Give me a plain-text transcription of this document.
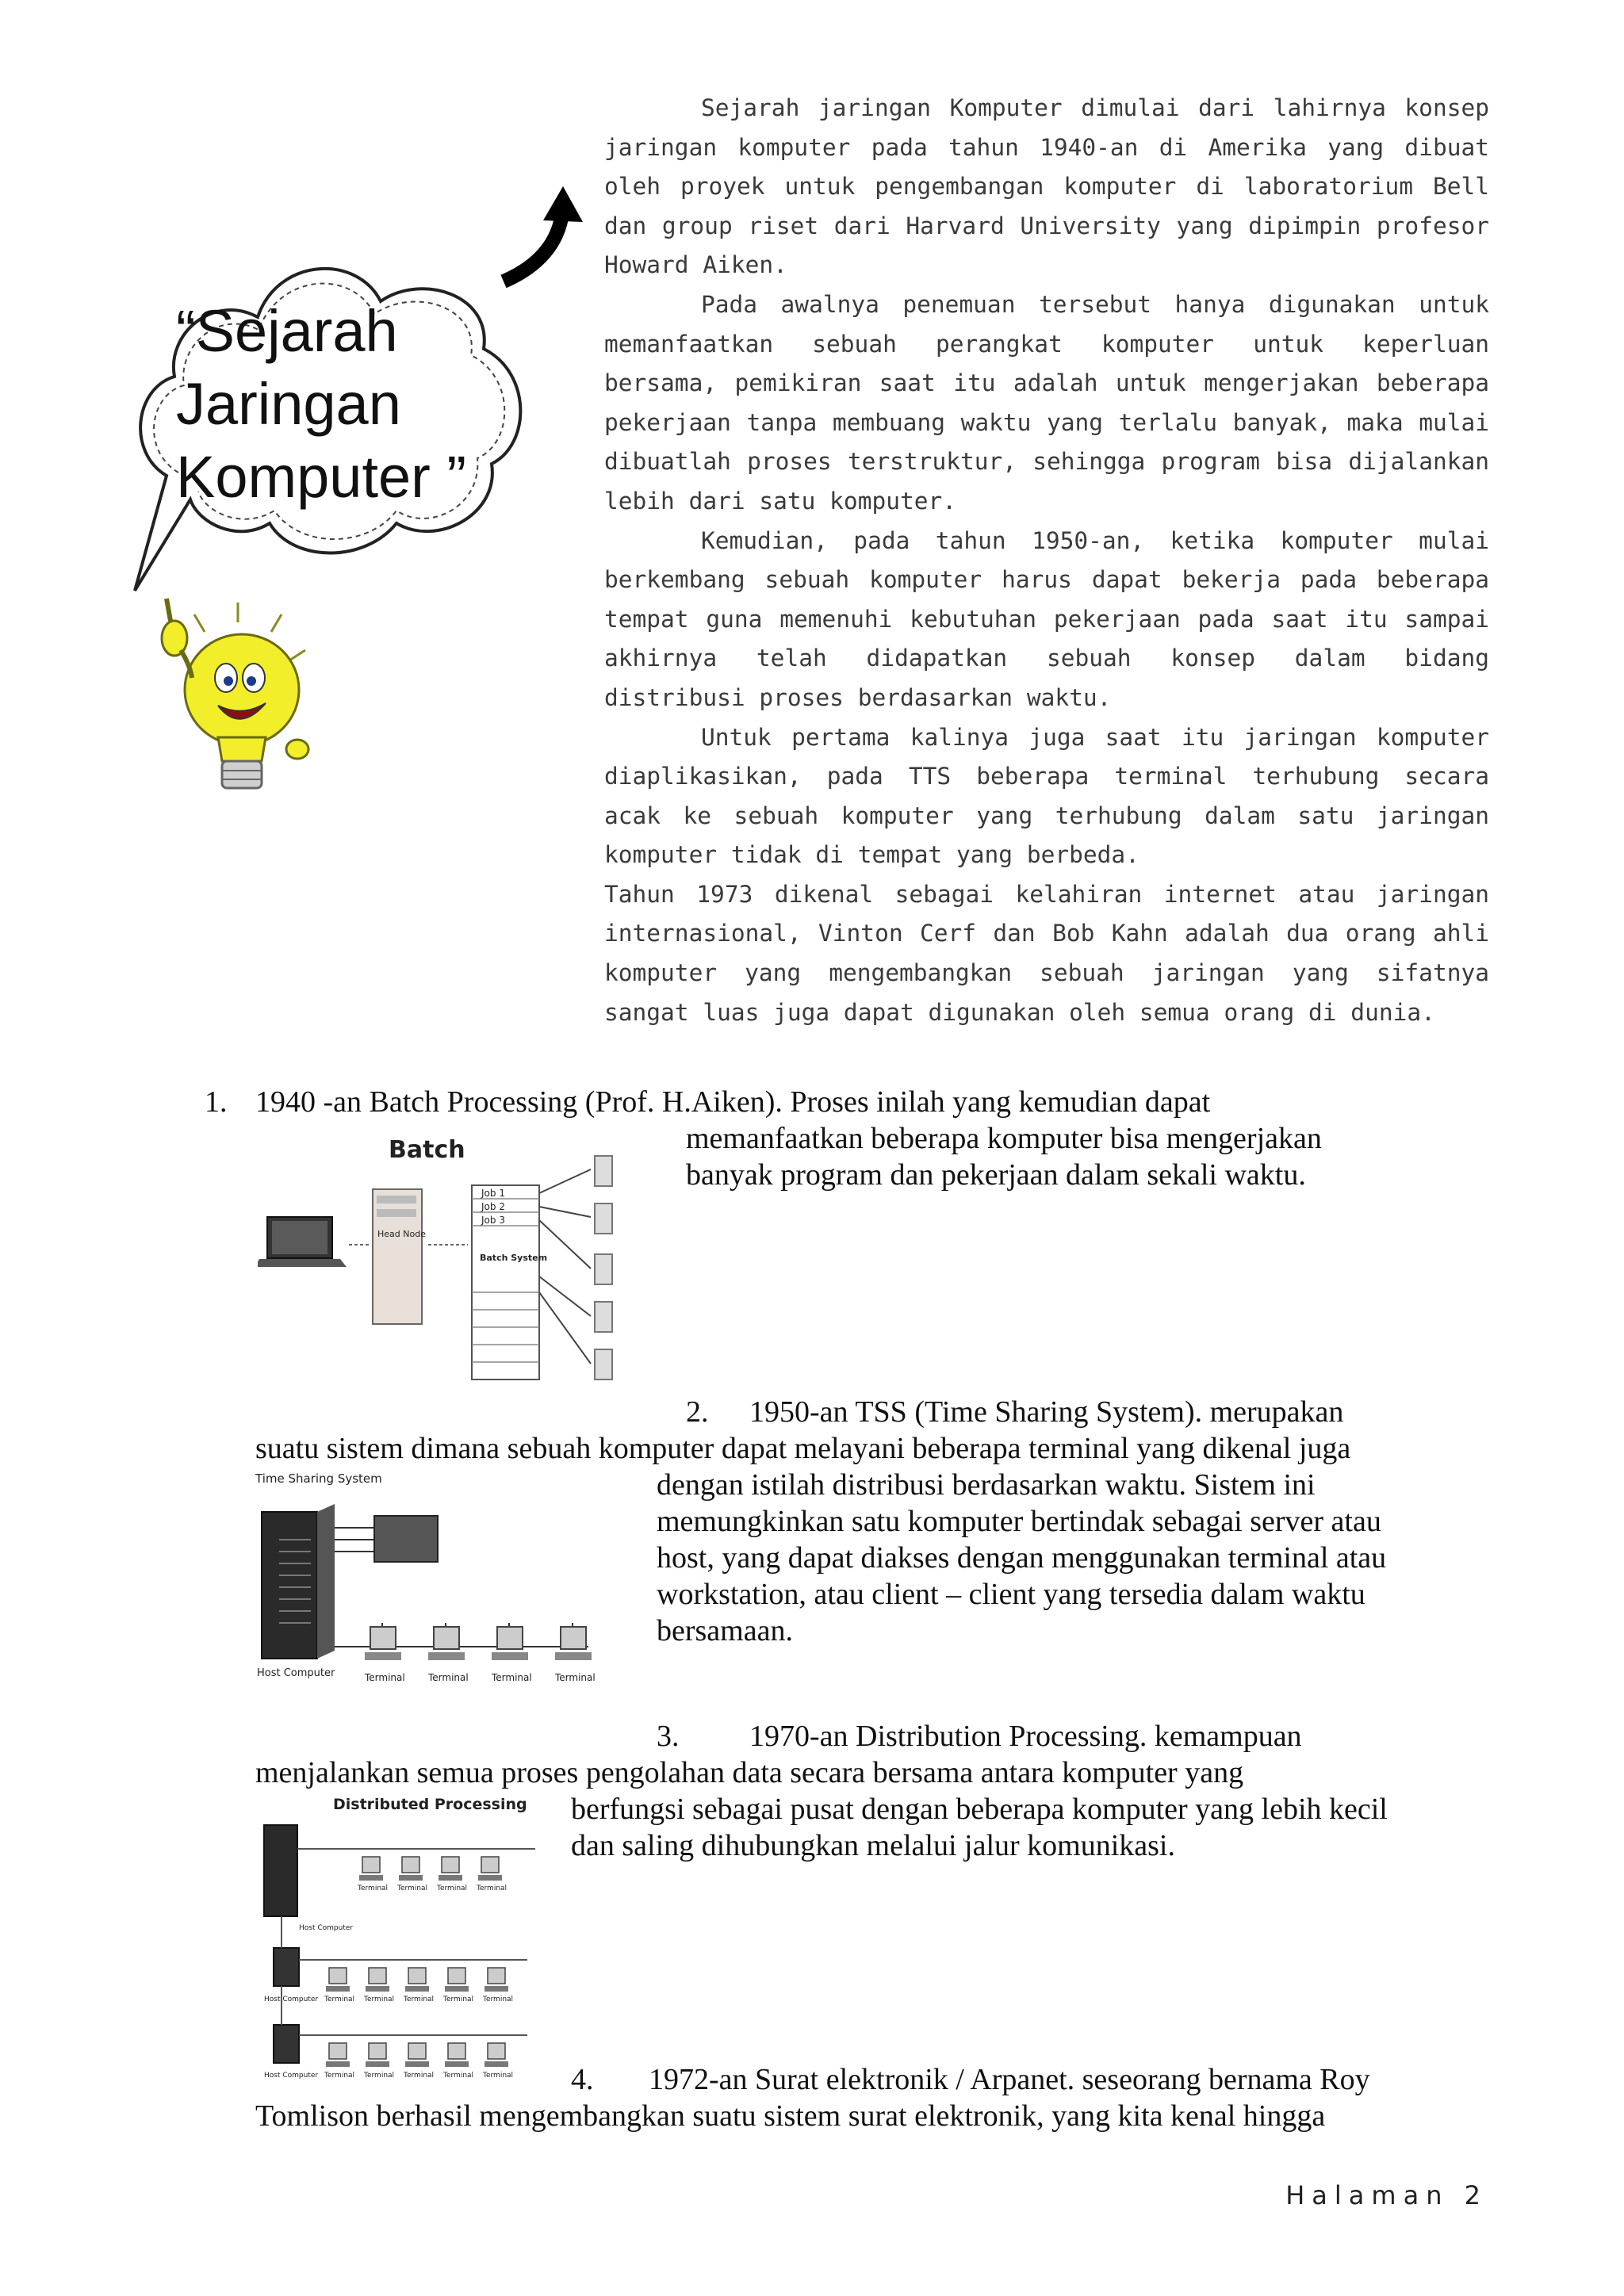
“Sejarah
Jaringan
Komputer ”

Sejarah jaringan Komputer dimulai dari lahirnya konsep jaringan komputer pada tahun 1940-an di Amerika yang dibuat oleh proyek untuk pengembangan komputer di laboratorium Bell dan group riset dari Harvard University yang dipimpin profesor Howard Aiken.

Pada awalnya penemuan tersebut hanya digunakan untuk memanfaatkan sebuah perangkat komputer untuk keperluan bersama, pemikiran saat itu adalah untuk mengerjakan beberapa pekerjaan tanpa membuang waktu yang terlalu banyak, maka mulai dibuatlah proses terstruktur, sehingga program bisa dijalankan lebih dari satu komputer.

Kemudian, pada tahun 1950-an, ketika komputer mulai berkembang sebuah komputer harus dapat bekerja pada beberapa tempat guna memenuhi kebutuhan pekerjaan pada saat itu sampai akhirnya telah didapatkan sebuah konsep dalam bidang distribusi proses berdasarkan waktu.

Untuk pertama kalinya juga saat itu jaringan komputer diaplikasikan, pada TTS beberapa terminal terhubung secara acak ke sebuah komputer yang terhubung dalam satu jaringan komputer tidak di tempat yang berbeda.

Tahun 1973 dikenal sebagai kelahiran internet atau jaringan internasional, Vinton Cerf dan Bob Kahn adalah dua orang ahli komputer yang mengembangkan sebuah jaringan yang sifatnya sangat luas juga dapat digunakan oleh semua orang di dunia.

1. 1940 -an Batch Processing (Prof. H.Aiken). Proses inilah yang kemudian dapat
memanfaatkan beberapa komputer bisa mengerjakan
banyak program dan pekerjaan dalam sekali waktu.
Batch
Head Node
Job 1
Job 2
Job 3
Batch System
2. 1950-an TSS (Time Sharing System). merupakan
suatu sistem dimana sebuah komputer dapat melayani beberapa terminal yang dikenal juga
dengan istilah distribusi berdasarkan waktu. Sistem ini
memungkinkan satu komputer bertindak sebagai server atau
host, yang dapat diakses dengan menggunakan terminal atau
workstation, atau client – client yang tersedia dalam waktu
bersamaan.
Time Sharing System
Host Computer	Terminal Terminal Terminal Terminal
3. 1970-an Distribution Processing. kemampuan
menjalankan semua proses pengolahan data secara bersama antara komputer yang
berfungsi sebagai pusat dengan beberapa komputer yang lebih kecil
dan saling dihubungkan melalui jalur komunikasi.
Distributed Processing
Host Computer
Host Computer
Host Computer
Terminal Terminal Terminal Terminal
Terminal Terminal Terminal Terminal Terminal
Terminal Terminal Terminal Terminal Terminal 4. 1972-an Surat elektronik / Arpanet. seseorang bernama Roy
Tomlison berhasil mengembangkan suatu sistem surat elektronik, yang kita kenal hingga
Halaman 2
